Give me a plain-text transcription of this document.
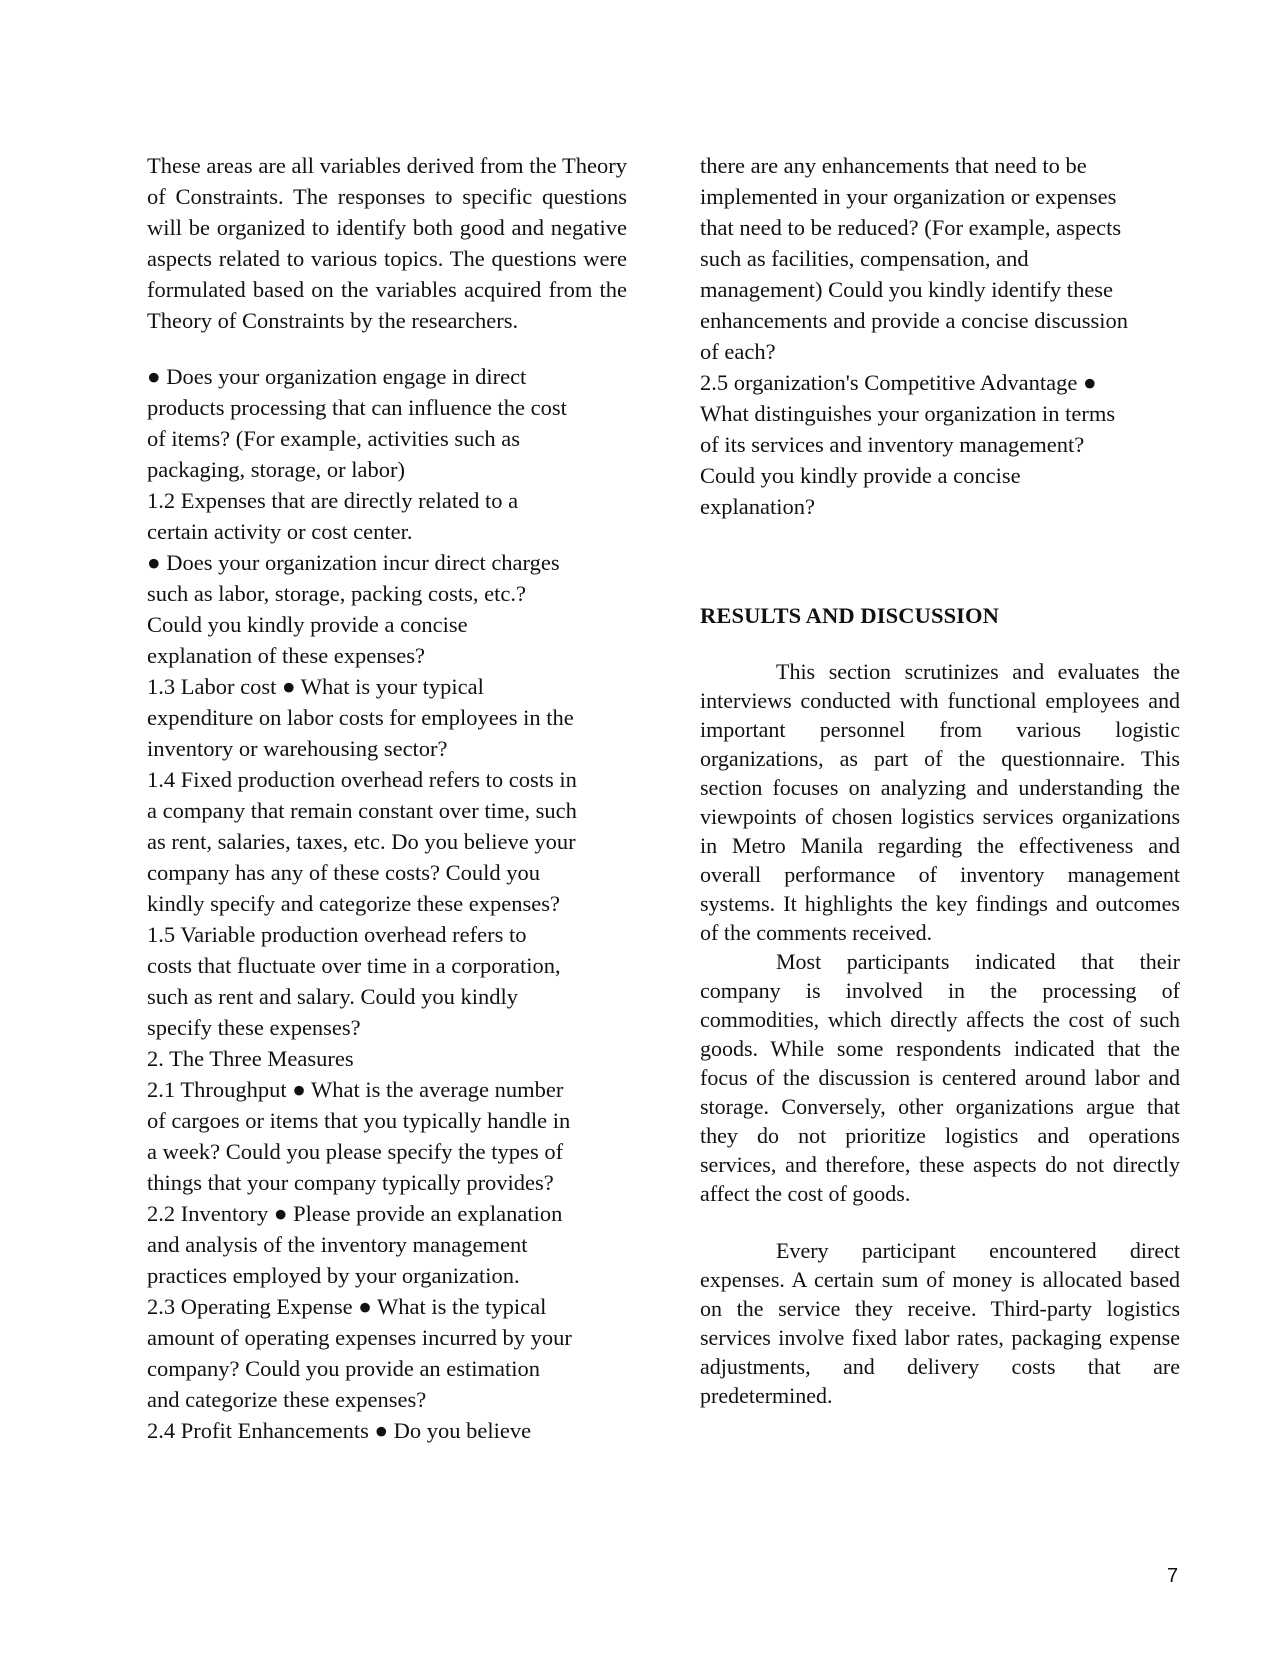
These areas are all variables derived from the Theory of Constraints. The responses to specific questions will be organized to identify both good and negative aspects related to various topics. The questions were formulated based on the variables acquired from the Theory of Constraints by the researchers.

● Does your organization engage in direct
products processing that can influence the cost
of items? (For example, activities such as
packaging, storage, or labor)
1.2 Expenses that are directly related to a
certain activity or cost center.
● Does your organization incur direct charges
such as labor, storage, packing costs, etc.?
Could you kindly provide a concise
explanation of these expenses?
1.3 Labor cost ● What is your typical
expenditure on labor costs for employees in the
inventory or warehousing sector?
1.4 Fixed production overhead refers to costs in
a company that remain constant over time, such
as rent, salaries, taxes, etc. Do you believe your
company has any of these costs? Could you
kindly specify and categorize these expenses?
1.5 Variable production overhead refers to
costs that fluctuate over time in a corporation,
such as rent and salary. Could you kindly
specify these expenses?
2. The Three Measures
2.1 Throughput ● What is the average number
of cargoes or items that you typically handle in
a week? Could you please specify the types of
things that your company typically provides?
2.2 Inventory ● Please provide an explanation
and analysis of the inventory management
practices employed by your organization.
2.3 Operating Expense ● What is the typical
amount of operating expenses incurred by your
company? Could you provide an estimation
and categorize these expenses?
2.4 Profit Enhancements ● Do you believe
there are any enhancements that need to be
implemented in your organization or expenses
that need to be reduced? (For example, aspects
such as facilities, compensation, and
management) Could you kindly identify these
enhancements and provide a concise discussion
of each?
2.5 organization's Competitive Advantage ●
What distinguishes your organization in terms
of its services and inventory management?
Could you kindly provide a concise
explanation?
RESULTS AND DISCUSSION

This section scrutinizes and evaluates the interviews conducted with functional employees and important personnel from various logistic organizations, as part of the questionnaire. This section focuses on analyzing and understanding the viewpoints of chosen logistics services organizations in Metro Manila regarding the effectiveness and overall performance of inventory management systems. It highlights the key findings and outcomes of the comments received.

Most participants indicated that their company is involved in the processing of commodities, which directly affects the cost of such goods. While some respondents indicated that the focus of the discussion is centered around labor and storage. Conversely, other organizations argue that they do not prioritize logistics and operations services, and therefore, these aspects do not directly affect the cost of goods.

Every participant encountered direct expenses. A certain sum of money is allocated based on the service they receive. Third-party logistics services involve fixed labor rates, packaging expense adjustments, and delivery costs that are predetermined.

7
